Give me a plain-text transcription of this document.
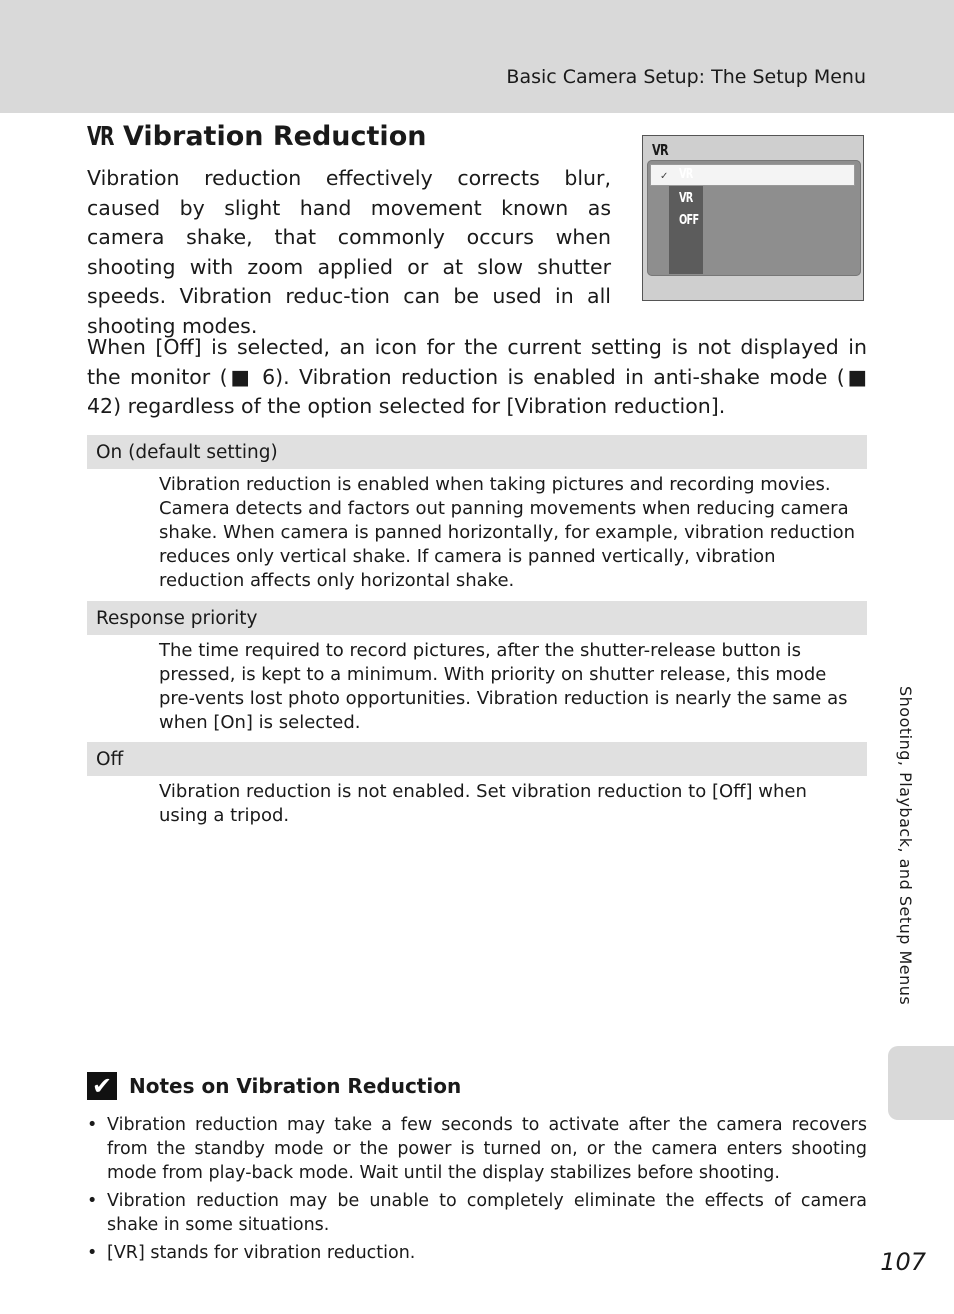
Basic Camera Setup: The Setup Menu
VR Vibration Reduction
Vibration reduction effectively corrects blur, caused by slight hand movement known as camera shake, that commonly occurs when shooting with zoom applied or at slow shutter speeds. Vibration reduc-tion can be used in all shooting modes.
VR
✓ VR
VR
OFF
When [Off] is selected, an icon for the current setting is not displayed in the monitor (■ 6). Vibration reduction is enabled in anti-shake mode (■ 42) regardless of the option selected for [Vibration reduction].
On (default setting)
Vibration reduction is enabled when taking pictures and recording movies. Camera detects and factors out panning movements when reducing camera shake. When camera is panned horizontally, for example, vibration reduction reduces only vertical shake. If camera is panned vertically, vibration reduction affects only horizontal shake.
Response priority
The time required to record pictures, after the shutter-release button is pressed, is kept to a minimum. With priority on shutter release, this mode pre-vents lost photo opportunities. Vibration reduction is nearly the same as when [On] is selected.
Off
Vibration reduction is not enabled. Set vibration reduction to [Off] when using a tripod.	Shooting, Playback, and Setup Menus
✔ Notes on Vibration Reduction
• Vibration reduction may take a few seconds to activate after the camera recovers from the standby mode or the power is turned on, or the camera enters shooting mode from play-back mode. Wait until the display stabilizes before shooting.
• Vibration reduction may be unable to completely eliminate the effects of camera shake in some situations.
• [VR] stands for vibration reduction.	107
